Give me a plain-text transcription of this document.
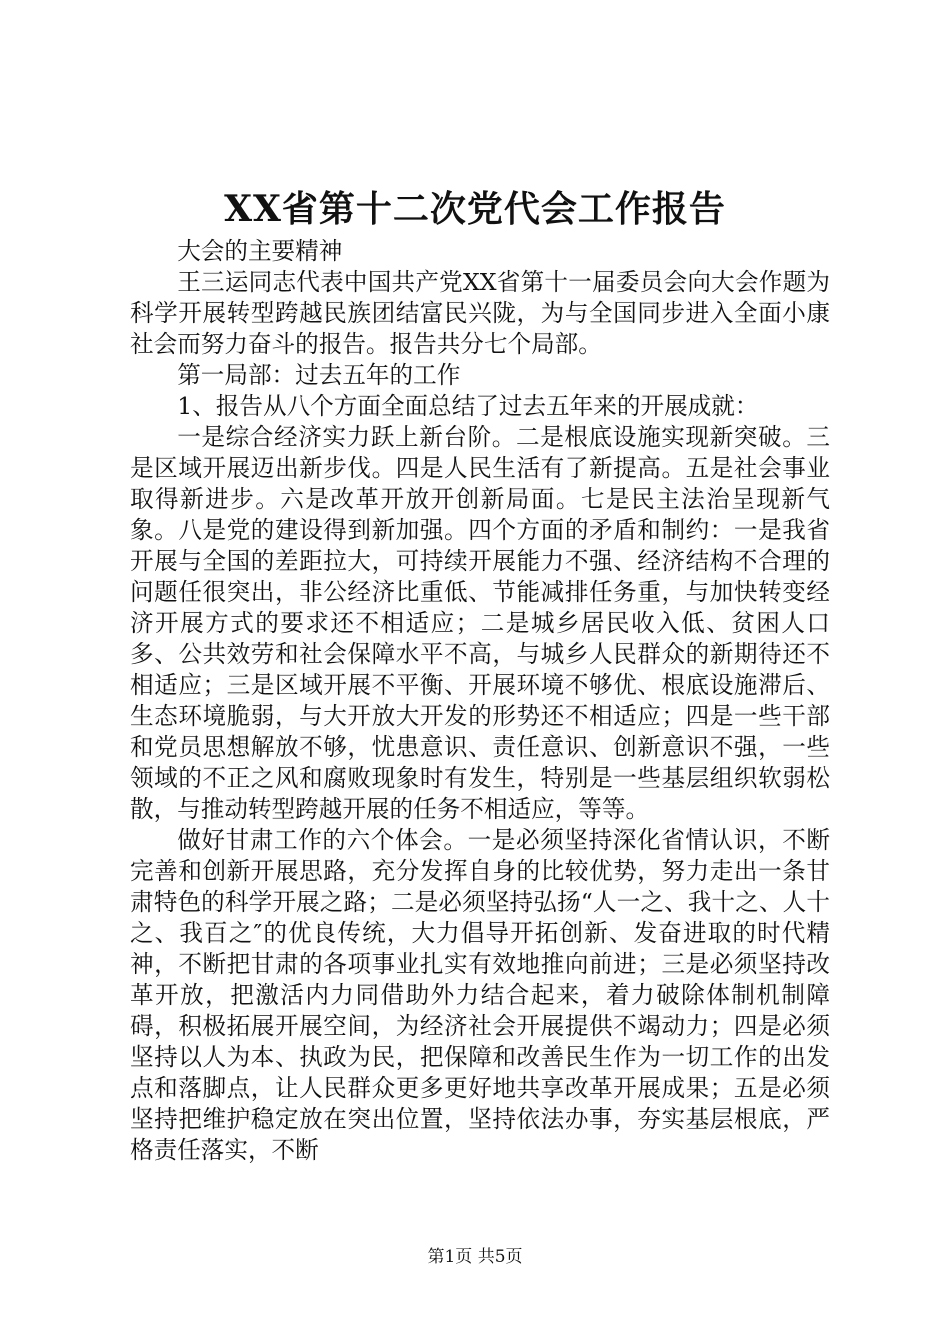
XX省第十二次党代会工作报告

大会的主要精神

王三运同志代表中国共产党XX省第十一届委员会向大会作题为科学开展转型跨越民族团结富民兴陇，为与全国同步进入全面小康社会而努力奋斗的报告。报告共分七个局部。

第一局部：过去五年的工作

1、报告从八个方面全面总结了过去五年来的开展成就：

一是综合经济实力跃上新台阶。二是根底设施实现新突破。三是区域开展迈出新步伐。四是人民生活有了新提高。五是社会事业取得新进步。六是改革开放开创新局面。七是民主法治呈现新气象。八是党的建设得到新加强。四个方面的矛盾和制约：一是我省开展与全国的差距拉大，可持续开展能力不强、经济结构不合理的问题任很突出，非公经济比重低、节能减排任务重，与加快转变经济开展方式的要求还不相适应；二是城乡居民收入低、贫困人口多、公共效劳和社会保障水平不高，与城乡人民群众的新期待还不相适应；三是区域开展不平衡、开展环境不够优、根底设施滞后、生态环境脆弱，与大开放大开发的形势还不相适应；四是一些干部和党员思想解放不够，忧患意识、责任意识、创新意识不强，一些领域的不正之风和腐败现象时有发生，特别是一些基层组织软弱松散，与推动转型跨越开展的任务不相适应，等等。

做好甘肃工作的六个体会。一是必须坚持深化省情认识，不断完善和创新开展思路，充分发挥自身的比较优势，努力走出一条甘肃特色的科学开展之路；二是必须坚持弘扬“人一之、我十之、人十之、我百之″的优良传统，大力倡导开拓创新、发奋进取的时代精神，不断把甘肃的各项事业扎实有效地推向前进；三是必须坚持改革开放，把激活内力同借助外力结合起来，着力破除体制机制障碍，积极拓展开展空间，为经济社会开展提供不竭动力；四是必须坚持以人为本、执政为民，把保障和改善民生作为一切工作的出发点和落脚点，让人民群众更多更好地共享改革开展成果；五是必须坚持把维护稳定放在突出位置，坚持依法办事，夯实基层根底，严格责任落实，不断

第1页 共5页
